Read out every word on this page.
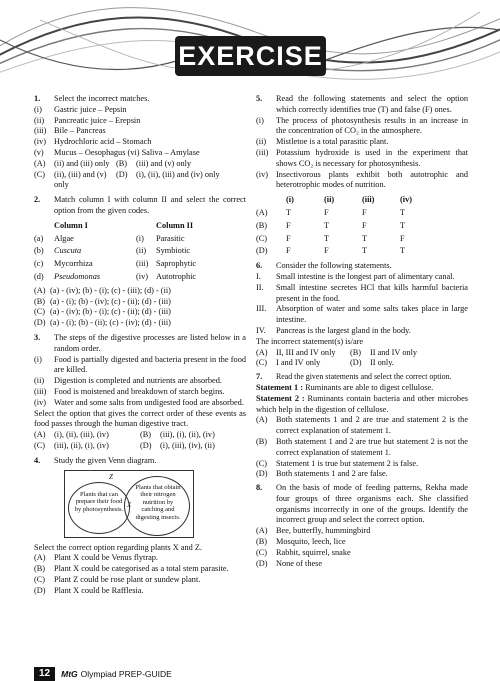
EXERCISE
1.	Select the incorrect matches.
(i)	Gastric juice – Pepsin
(ii)	Pancreatic juice – Erepsin
(iii) Bile – Pancreas
(iv) Hydrochloric acid – Stomach
(v)	Mucus – Oesophagus (vi) Saliva – Amylase
(A)	(ii) and (iii) only (B)	(iii) and (v) only
(C)	(ii), (iii) and (v) only
(D)	(i), (ii), (iii) and (iv) only
2.	Match column I with column II and select the correct option from the given codes.
	Column I		Column II
(a)	Algae	(i)	Parasitic
(b)	Cuscuta	(ii)	Symbiotic
(c)	Mycorrhiza	(iii)	Saprophytic
(d)	Pseudomonas	(iv)	Autotrophic
(A) (a) - (iv); (b) - (i); (c) - (iii); (d) - (ii)
(B) (a) - (i); (b) - (iv); (c) - (ii); (d) - (iii)
(C) (a) - (iv); (b) - (i); (c) - (ii); (d) - (iii)
(D) (a) - (i); (b) - (ii); (c) - (iv); (d) - (iii)
3.	The steps of the digestive processes are listed below in a random order.
(i)	Food is partially digested and bacteria present in the food are killed.
(ii)	Digestion is completed and nutrients are absorbed.
(iii) Food is moistened and breakdown of starch begins.
(iv) Water and some salts from undigested food are absorbed.
Select the option that gives the correct order of these events as food passes through the human digestive tract.
(A)	(i), (ii), (iii), (iv)	(B)	(iii), (i), (ii), (iv)
(C)	(iii), (ii), (i), (iv)	(D)	(i), (iii), (iv), (ii)
4.	Study the given Venn diagram.
Z
Plants that can prepare their food by photosynthesis.
Plants that obtain their nitrogen nutrition by catching and digesting insects.
X
Select the correct option regarding plants X and Z.
(A)	Plant X could be Venus flytrap.
(B)	Plant X could be categorised as a total stem parasite.
(C)	Plant Z could be rose plant or sundew plant.
(D)	Plant X could be Rafflesia.
5.	Read the following statements and select the option which correctly identifies true (T) and false (F) ones.
(i)	The process of photosynthesis results in an increase in the concentration of CO₂ in the atmosphere.
(ii)	Mistletoe is a total parasitic plant.
(iii) Potassium hydroxide is used in the experiment that shows CO₂ is necessary for photosynthesis.
(iv) Insectivorous plants exhibit both autotrophic and heterotrophic modes of nutrition.
	(i)	(ii)	(iii)	(iv)
(A)	T	F	F	T
(B)	F	T	F	T
(C)	F	T	T	F
(D)	F	F	T	T
6.	Consider the following statements.
I.	Small intestine is the longest part of alimentary canal.
II.	Small intestine secretes HCl that kills harmful bacteria present in the food.
III.	Absorption of water and some salts takes place in large intestine.
IV.	Pancreas is the largest gland in the body.
The incorrect statement(s) is/are
(A)	II, III and IV only (B)	II and IV only
(C)	I and IV only	(D)	II only.
7.	Read the given statements and select the correct option.
Statement 1 : Ruminants are able to digest cellulose.
Statement 2 : Ruminants contain bacteria and other microbes which help in the digestion of cellulose.
(A)	Both statements 1 and 2 are true and statement 2 is the correct explanation of statement 1.
(B)	Both statement 1 and 2 are true but statement 2 is not the correct explanation of statement 1.
(C)	Statement 1 is true but statement 2 is false.
(D)	Both statements 1 and 2 are false.
8.	On the basis of mode of feeding patterns, Rekha made four groups of three organisms each. She classified organisms incorrectly in one of the groups. Identify the incorrect group and select the correct option.
(A)	Bee, butterfly, hummingbird
(B)	Mosquito, leech, lice
(C)	Rabbit, squirrel, snake
(D)	None of these
12	MtG Olympiad PREP-GUIDE
